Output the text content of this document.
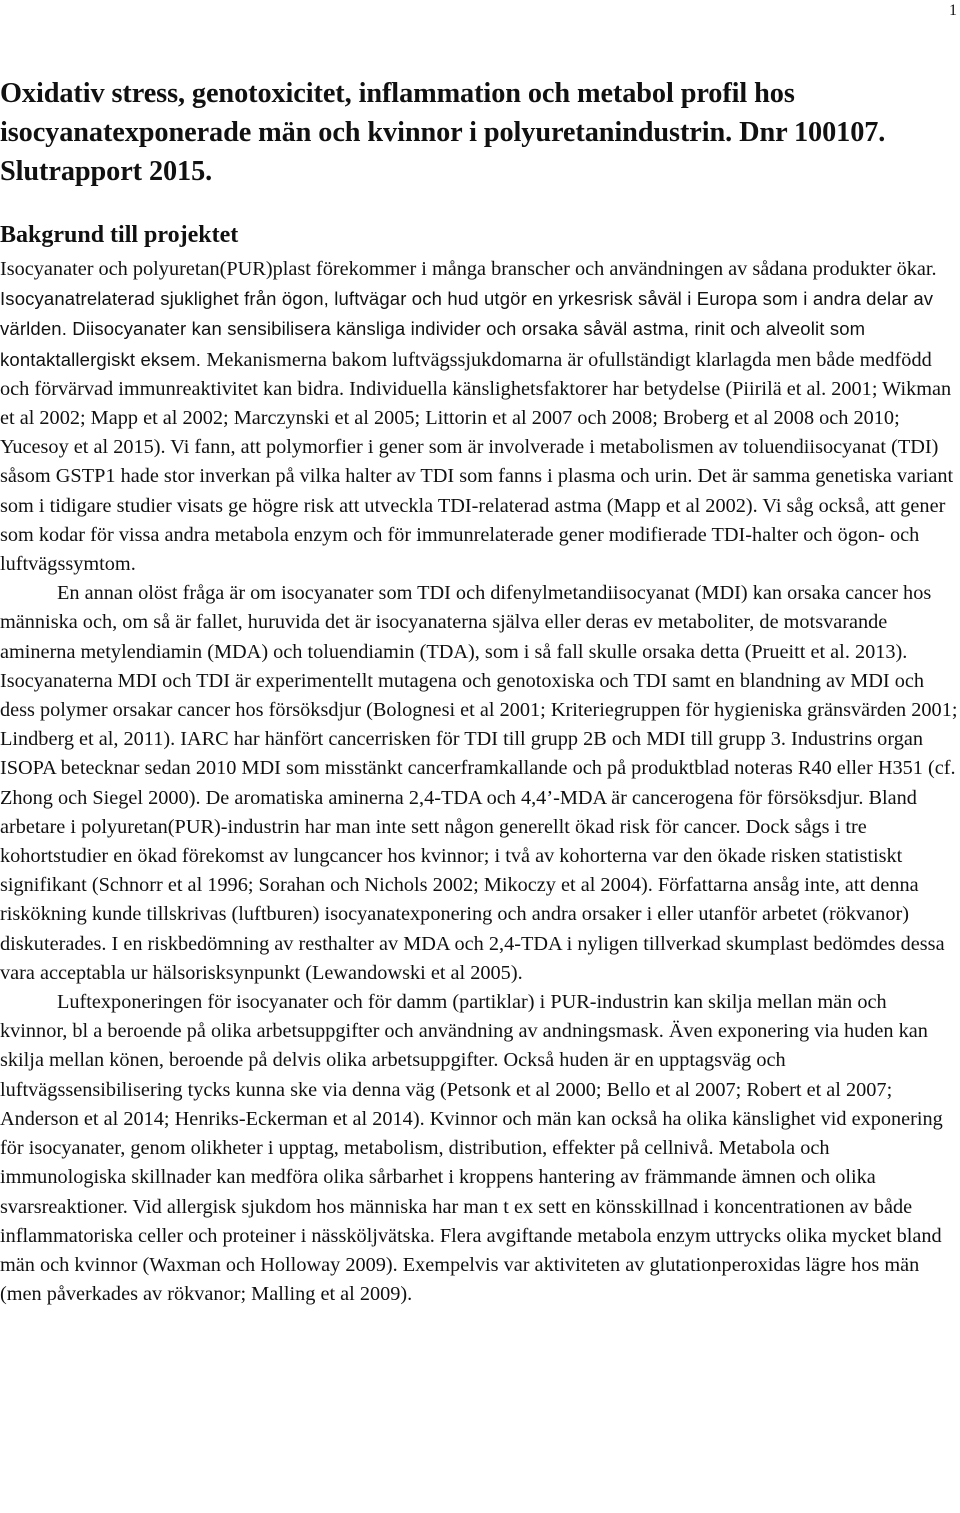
1
Oxidativ stress, genotoxicitet, inflammation och metabol profil hos isocyanatexponerade män och kvinnor i polyuretanindustrin. Dnr 100107. Slutrapport 2015.
Bakgrund till projektet

Isocyanater och polyuretan(PUR)plast förekommer i många branscher och användningen av sådana produkter ökar. Isocyanatrelaterad sjuklighet från ögon, luftvägar och hud utgör en yrkesrisk såväl i Europa som i andra delar av världen. Diisocyanater kan sensibilisera känsliga individer och orsaka såväl astma, rinit och alveolit som kontaktallergiskt eksem. Mekanismerna bakom luftvägssjukdomarna är ofullständigt klarlagda men både medfödd och förvärvad immunreaktivitet kan bidra. Individuella känslighetsfaktorer har betydelse (Piirilä et al. 2001; Wikman et al 2002; Mapp et al 2002; Marczynski et al 2005; Littorin et al 2007 och 2008; Broberg et al 2008 och 2010; Yucesoy et al 2015). Vi fann, att polymorfier i gener som är involverade i metabolismen av toluendiisocyanat (TDI) såsom GSTP1 hade stor inverkan på vilka halter av TDI som fanns i plasma och urin. Det är samma genetiska variant som i tidigare studier visats ge högre risk att utveckla TDI-relaterad astma (Mapp et al 2002). Vi såg också, att gener som kodar för vissa andra metabola enzym och för immunrelaterade gener modifierade TDI-halter och ögon- och luftvägssymtom.

En annan olöst fråga är om isocyanater som TDI och difenylmetandiisocyanat (MDI) kan orsaka cancer hos människa och, om så är fallet, huruvida det är isocyanaterna själva eller deras ev metaboliter, de motsvarande aminerna metylendiamin (MDA) och toluendiamin (TDA), som i så fall skulle orsaka detta (Prueitt et al. 2013). Isocyanaterna MDI och TDI är experimentellt mutagena och genotoxiska och TDI samt en blandning av MDI och dess polymer orsakar cancer hos försöksdjur (Bolognesi et al 2001; Kriteriegruppen för hygieniska gränsvärden 2001; Lindberg et al, 2011). IARC har hänfört cancerrisken för TDI till grupp 2B och MDI till grupp 3. Industrins organ ISOPA betecknar sedan 2010 MDI som misstänkt cancerframkallande och på produktblad noteras R40 eller H351 (cf. Zhong och Siegel 2000). De aromatiska aminerna 2,4-TDA och 4,4’-MDA är cancerogena för försöksdjur. Bland arbetare i polyuretan(PUR)-industrin har man inte sett någon generellt ökad risk för cancer. Dock sågs i tre kohortstudier en ökad förekomst av lungcancer hos kvinnor; i två av kohorterna var den ökade risken statistiskt signifikant (Schnorr et al 1996; Sorahan och Nichols 2002; Mikoczy et al 2004). Författarna ansåg inte, att denna riskökning kunde tillskrivas (luftburen) isocyanatexponering och andra orsaker i eller utanför arbetet (rökvanor) diskuterades. I en riskbedömning av resthalter av MDA och 2,4-TDA i nyligen tillverkad skumplast bedömdes dessa vara acceptabla ur hälsorisksynpunkt (Lewandowski et al 2005).

Luftexponeringen för isocyanater och för damm (partiklar) i PUR-industrin kan skilja mellan män och kvinnor, bl a beroende på olika arbetsuppgifter och användning av andningsmask. Även exponering via huden kan skilja mellan könen, beroende på delvis olika arbetsuppgifter. Också huden är en upptagsväg och luftvägssensibilisering tycks kunna ske via denna väg (Petsonk et al 2000; Bello et al 2007; Robert et al 2007; Anderson et al 2014; Henriks-Eckerman et al 2014). Kvinnor och män kan också ha olika känslighet vid exponering för isocyanater, genom olikheter i upptag, metabolism, distribution, effekter på cellnivå. Metabola och immunologiska skillnader kan medföra olika sårbarhet i kroppens hantering av främmande ämnen och olika svarsreaktioner. Vid allergisk sjukdom hos människa har man t ex sett en könsskillnad i koncentrationen av både inflammatoriska celler och proteiner i nässköljvätska. Flera avgiftande metabola enzym uttrycks olika mycket bland män och kvinnor (Waxman och Holloway 2009). Exempelvis var aktiviteten av glutationperoxidas lägre hos män (men påverkades av rökvanor; Malling et al 2009).
